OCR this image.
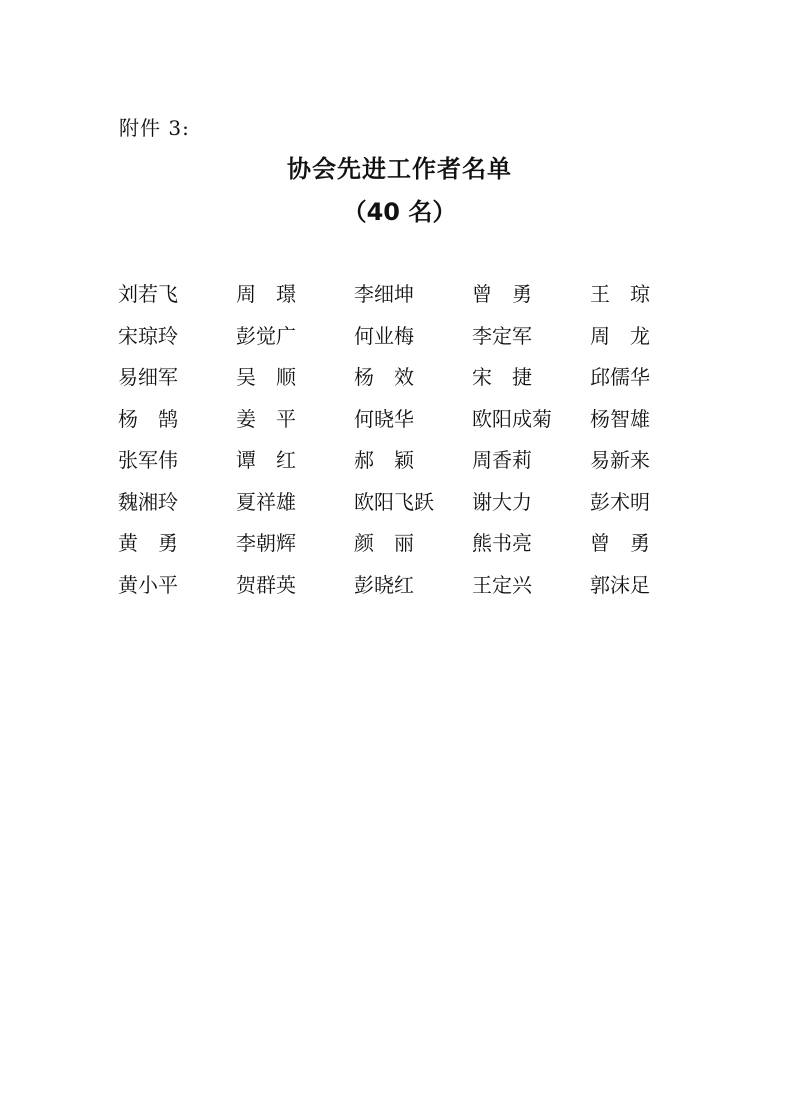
附件 3:
协会先进工作者名单
（40 名）
刘若飞	周璟	李细坤	曾勇	王琼
宋琼玲	彭觉广	何业梅	李定军	周龙
易细军	吴顺	杨效	宋捷	邱儒华
杨鹄	姜平	何晓华	欧阳成菊	杨智雄
张军伟	谭红	郝颖	周香莉	易新来
魏湘玲	夏祥雄	欧阳飞跃	谢大力	彭术明
黄勇	李朝辉	颜丽	熊书亮	曾勇
黄小平	贺群英	彭晓红	王定兴	郭沫足
